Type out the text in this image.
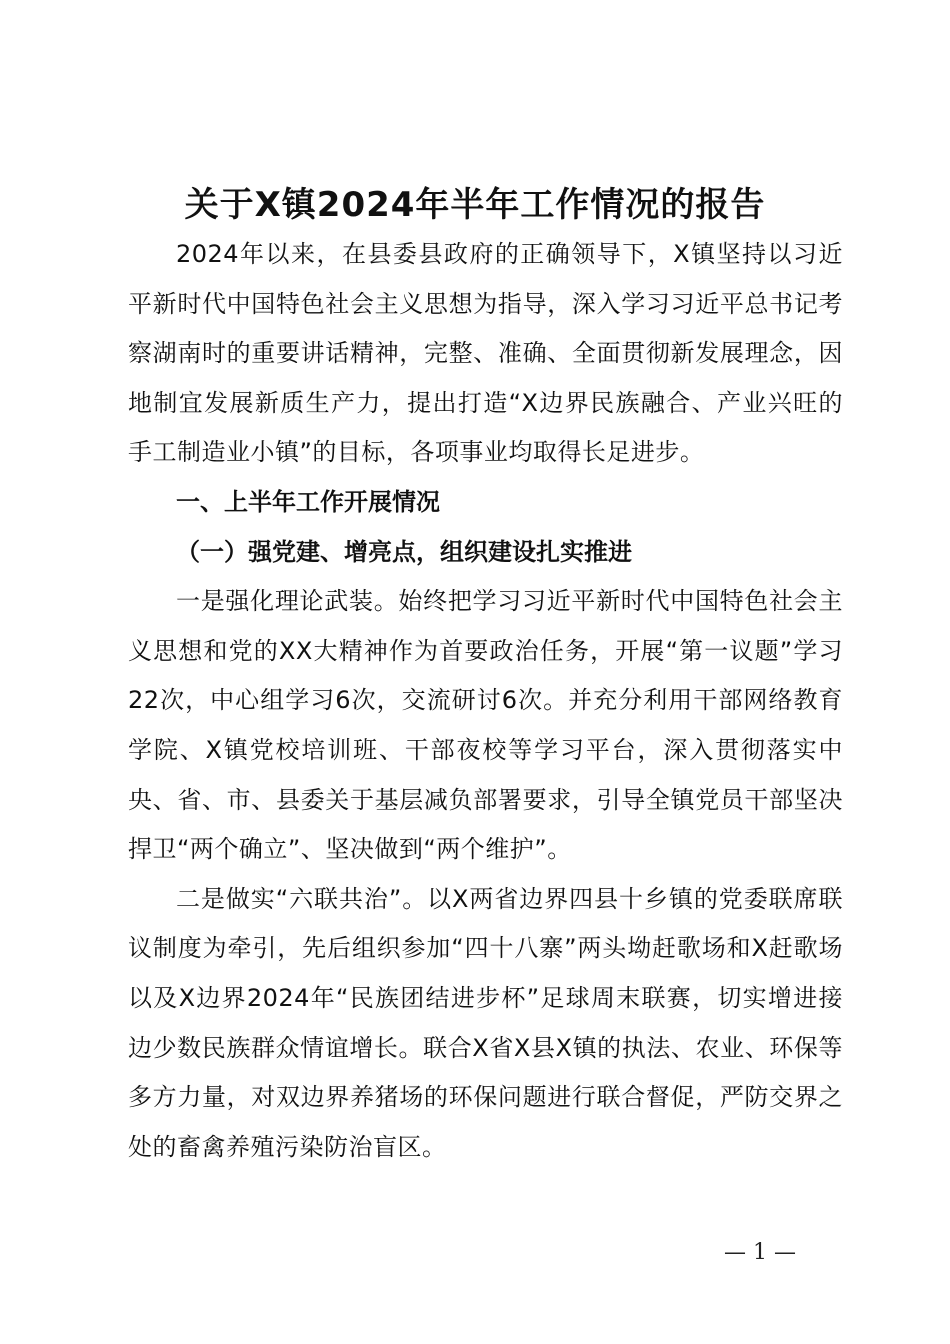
关于X镇2024年半年工作情况的报告

2024年以来，在县委县政府的正确领导下，X镇坚持以习近平新时代中国特色社会主义思想为指导，深入学习习近平总书记考察湖南时的重要讲话精神，完整、准确、全面贯彻新发展理念，因地制宜发展新质生产力，提出打造“X边界民族融合、产业兴旺的手工制造业小镇”的目标，各项事业均取得长足进步。

一、上半年工作开展情况

（一）强党建、增亮点，组织建设扎实推进

一是强化理论武装。始终把学习习近平新时代中国特色社会主义思想和党的XX大精神作为首要政治任务，开展“第一议题”学习22次，中心组学习6次，交流研讨6次。并充分利用干部网络教育学院、X镇党校培训班、干部夜校等学习平台，深入贯彻落实中央、省、市、县委关于基层减负部署要求，引导全镇党员干部坚决捍卫“两个确立”、坚决做到“两个维护”。

二是做实“六联共治”。以X两省边界四县十乡镇的党委联席联议制度为牵引，先后组织参加“四十八寨”两头坳赶歌场和X赶歌场以及X边界2024年“民族团结进步杯”足球周末联赛，切实增进接边少数民族群众情谊增长。联合X省X县X镇的执法、农业、环保等多方力量，对双边界养猪场的环保问题进行联合督促，严防交界之处的畜禽养殖污染防治盲区。

— 1 —
